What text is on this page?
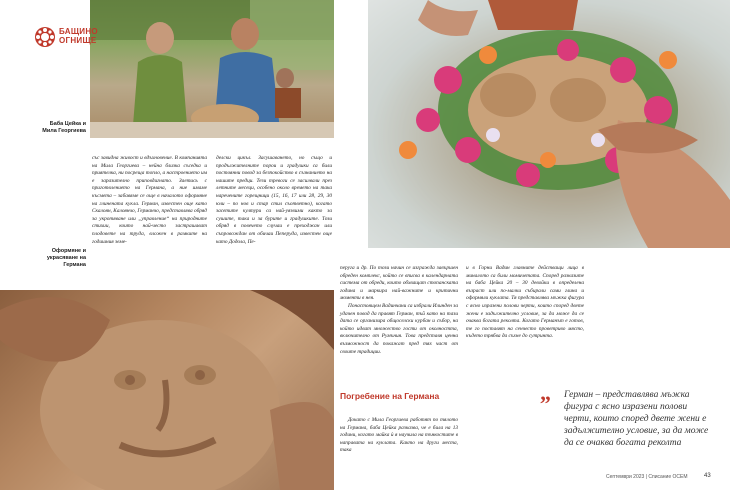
БАЩИНО
ОГНИЩЕ
Баба Цейка и
Мила Георгиева
Оформяне и
украсяване на
Германа

със завидна живост и вдъхновение. В компанията на Мила Георгиева – нейна близка съседка и приятелка, ни посреща топло, а настроението им е заразително приповдигнато. Заетись с приготвлението на Германа, а ние имаме късмета – забавяме се още в началото оформяне на глинената кукла. Герман, известен още като Скалоян, Калоянчо, Германчо, представлява обряд за укротяване или „управление“ на природните стихии, които най-често застрашават плодовете на труда, вложен в рамките на годишния земе-

делски цикъл. Засушаването, но също и продължителните порои и градушки са били постоянни повод за безпокойство в съзнанието на нашите предци. Тези тревоги се засилвали през летните месеци, особено около времето на така наречените горещници (15, 16, 17 или 28, 29, 30 юли – по нов и стар стил съответно), когато засетите култури са най-уязвими както за сушите, така и за бурите и градушките. Този обряд в повечето случаи е преходжан или съпровождан от обичаи Пеперуда, известен още като Додола, Пе-

перуга и др. По този начин се изгражда завършен обреден комплекс, който се вписва в календарната система от обреди, които обхващат стопанската година и маркира най-важните и критични моменти в нея.

Понастоящем Вадинчани са избрали Илинден за удачен повод да правят Герман, тъй като на тази дата се организира общоселски курбан и събор, на който идват множество гости от околността, включително от Румъния. Това представя ценна възможност да покажат пред тях част от своите традиции.

Погребение на Германа

Докато с Мила Георгиева работят по тялото на Германа, баба Цейка разказва, че е била на 13 години, когато майка ѝ я научила на тънкостите в направата на куклата. Както на други места, така

и в Горни Вадин главните действащи лица в миналото са били момичетата. Според разказите на баба Цейка 20 – 30 девойки в определена възраст или по-малки събирали сами глина и оформяли куклата. Тя представлява мъжка фигура с ясно изразени полови черти, които според двете жени е задължително условие, за да може да се очаква богата реколта. Когато Германът е готов, те го поставят на сенчесто проветриво място, където трябва да съхне до сутринта.

„ Герман – представлява мъжка фигура с ясно изразени полови черти, които според двете жени е задължително условие, за да може да се очаква богата реколта
Септември 2023 | Списание ОСЕМ	43
